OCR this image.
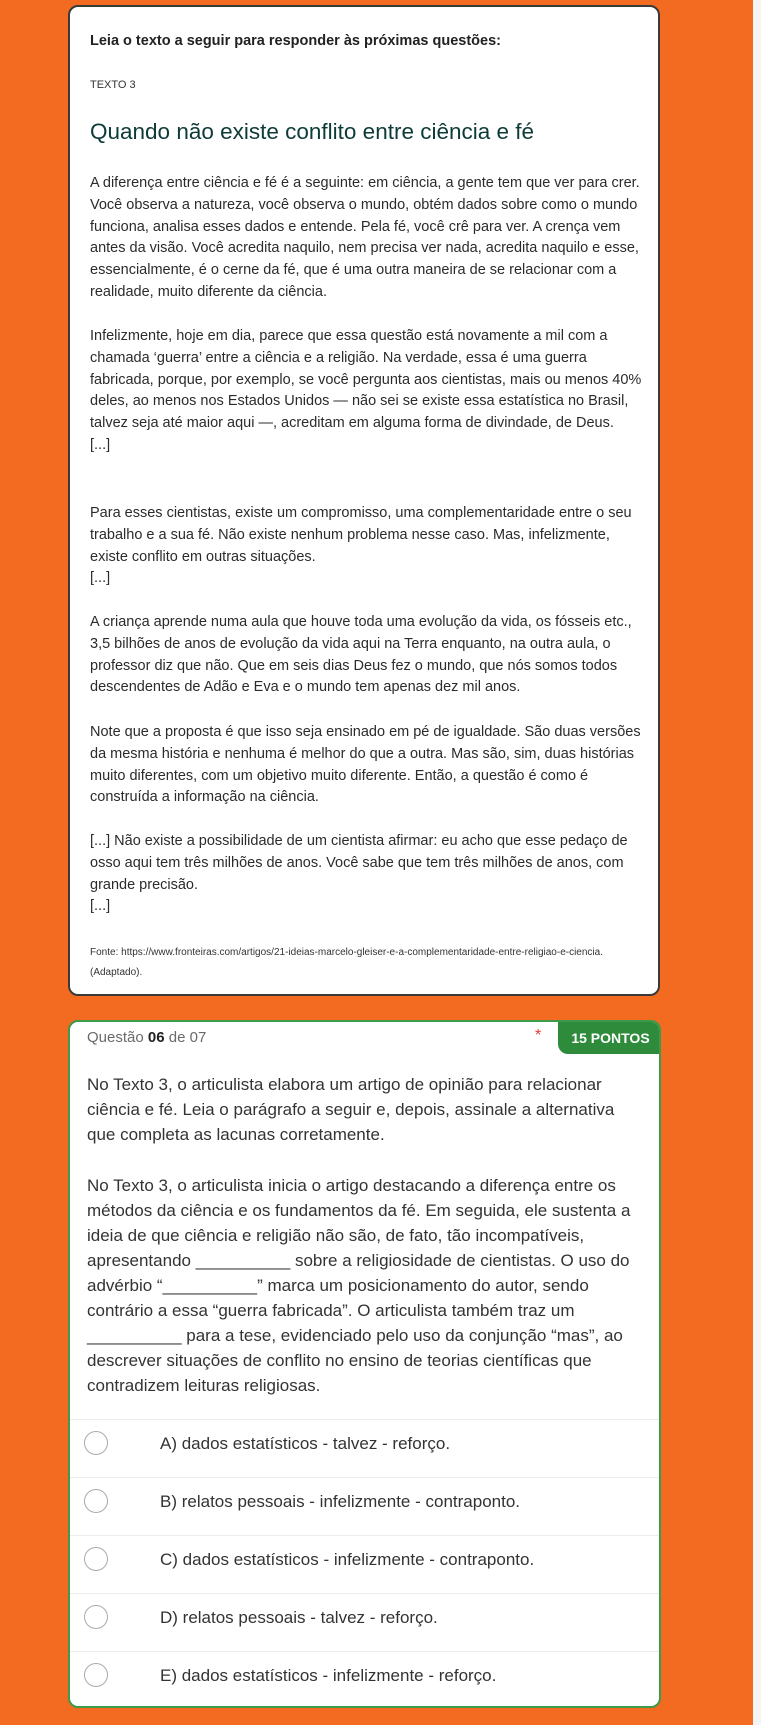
Leia o texto a seguir para responder às próximas questões:
TEXTO 3
Quando não existe conflito entre ciência e fé

A diferença entre ciência e fé é a seguinte: em ciência, a gente tem que ver para crer. Você observa a natureza, você observa o mundo, obtém dados sobre como o mundo funciona, analisa esses dados e entende. Pela fé, você crê para ver. A crença vem antes da visão. Você acredita naquilo, nem precisa ver nada, acredita naquilo e esse, essencialmente, é o cerne da fé, que é uma outra maneira de se relacionar com a realidade, muito diferente da ciência.

Infelizmente, hoje em dia, parece que essa questão está novamente a mil com a chamada ‘guerra’ entre a ciência e a religião. Na verdade, essa é uma guerra fabricada, porque, por exemplo, se você pergunta aos cientistas, mais ou menos 40% deles, ao menos nos Estados Unidos — não sei se existe essa estatística no Brasil, talvez seja até maior aqui —, acreditam em alguma forma de divindade, de Deus.
[...]

Para esses cientistas, existe um compromisso, uma complementaridade entre o seu trabalho e a sua fé. Não existe nenhum problema nesse caso. Mas, infelizmente, existe conflito em outras situações.
[...]

A criança aprende numa aula que houve toda uma evolução da vida, os fósseis etc., 3,5 bilhões de anos de evolução da vida aqui na Terra enquanto, na outra aula, o professor diz que não. Que em seis dias Deus fez o mundo, que nós somos todos descendentes de Adão e Eva e o mundo tem apenas dez mil anos.

Note que a proposta é que isso seja ensinado em pé de igualdade. São duas versões da mesma história e nenhuma é melhor do que a outra. Mas são, sim, duas histórias muito diferentes, com um objetivo muito diferente. Então, a questão é como é construída a informação na ciência.

[...] Não existe a possibilidade de um cientista afirmar: eu acho que esse pedaço de osso aqui tem três milhões de anos. Você sabe que tem três milhões de anos, com grande precisão.
[...]

Fonte: https://www.fronteiras.com/artigos/21-ideias-marcelo-gleiser-e-a-complementaridade-entre-religiao-e-ciencia. (Adaptado).
Questão 06 de 07	*	15 PONTOS

No Texto 3, o articulista elabora um artigo de opinião para relacionar ciência e fé. Leia o parágrafo a seguir e, depois, assinale a alternativa que completa as lacunas corretamente.

No Texto 3, o articulista inicia o artigo destacando a diferença entre os métodos da ciência e os fundamentos da fé. Em seguida, ele sustenta a ideia de que ciência e religião não são, de fato, tão incompatíveis, apresentando __________ sobre a religiosidade de cientistas. O uso do advérbio “__________” marca um posicionamento do autor, sendo contrário a essa “guerra fabricada”. O articulista também traz um __________ para a tese, evidenciado pelo uso da conjunção “mas”, ao descrever situações de conflito no ensino de teorias científicas que contradizem leituras religiosas.

A) dados estatísticos - talvez - reforço.
B) relatos pessoais - infelizmente - contraponto.
C) dados estatísticos - infelizmente - contraponto.
D) relatos pessoais - talvez - reforço.
E) dados estatísticos - infelizmente - reforço.
